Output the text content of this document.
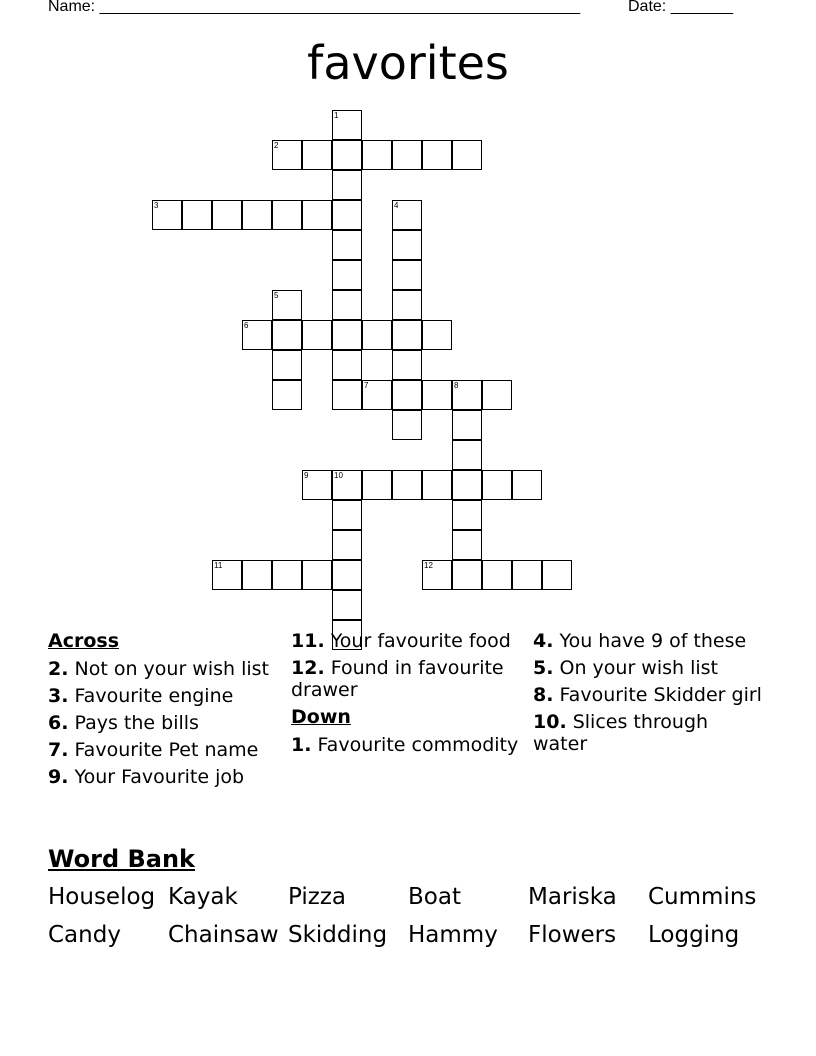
Name: ______________________________________________________	Date: _______
favorites
1
2
3	4
5
6
7	8
9	10
11	12
Across
2. Not on your wish list
3. Favourite engine
6. Pays the bills
7. Favourite Pet name
9. Your Favourite job
11. Your favourite food
12. Found in favourite drawer
Down
1. Favourite commodity
4. You have 9 of these
5. On your wish list
8. Favourite Skidder girl
10. Slices through water
Word Bank
Houselog Kayak Pizza	Boat	Mariska Cummins
Candy Chainsaw Skidding Hammy Flowers Logging
